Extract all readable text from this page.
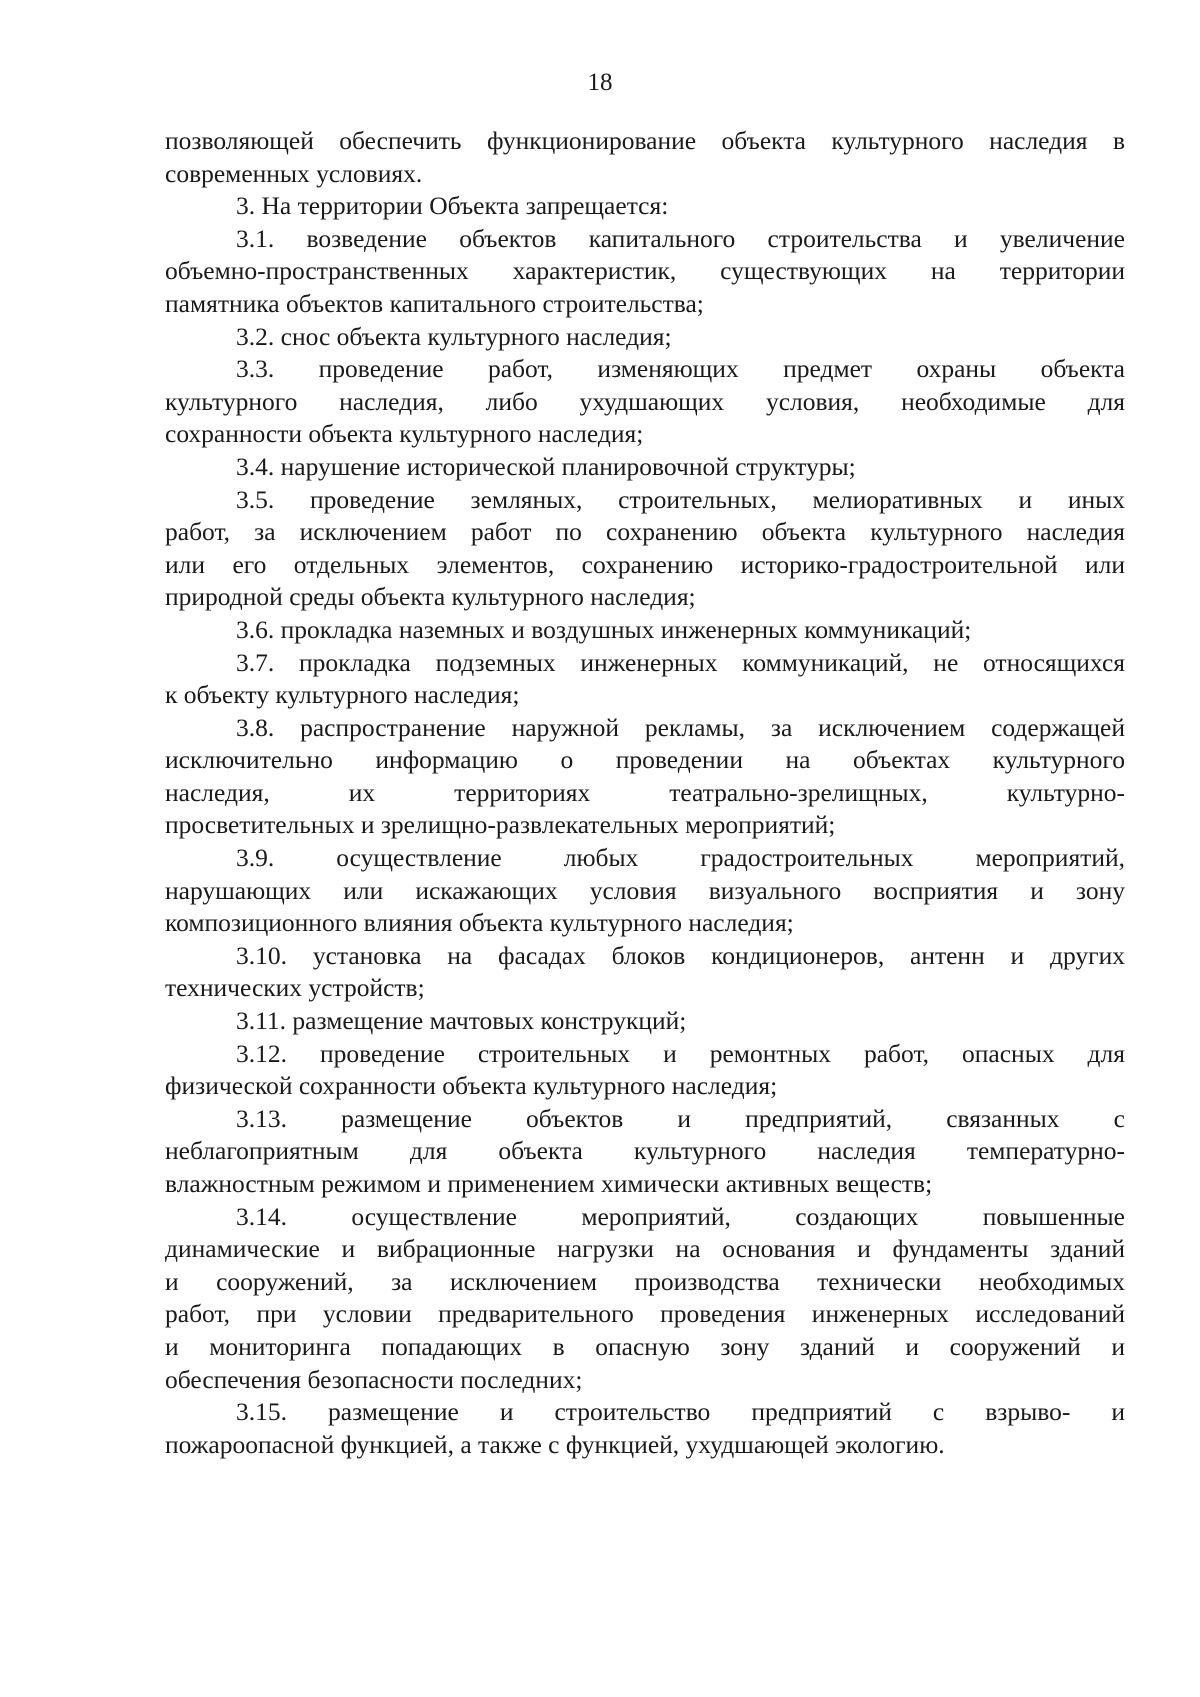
18
позволяющей обеспечить функционирование объекта культурного наследия в
современных условиях.
3. На территории Объекта запрещается:
3.1. возведение объектов капитального строительства и увеличение
объемно-пространственных характеристик, существующих на территории
памятника объектов капитального строительства;
3.2. снос объекта культурного наследия;
3.3. проведение работ, изменяющих предмет охраны объекта
культурного наследия, либо ухудшающих условия, необходимые для
сохранности объекта культурного наследия;
3.4. нарушение исторической планировочной структуры;
3.5. проведение земляных, строительных, мелиоративных и иных
работ, за исключением работ по сохранению объекта культурного наследия
или его отдельных элементов, сохранению историко-градостроительной или
природной среды объекта культурного наследия;
3.6. прокладка наземных и воздушных инженерных коммуникаций;
3.7. прокладка подземных инженерных коммуникаций, не относящихся
к объекту культурного наследия;
3.8. распространение наружной рекламы, за исключением содержащей
исключительно информацию о проведении на объектах культурного
наследия, их территориях театрально-зрелищных, культурно-
просветительных и зрелищно-развлекательных мероприятий;
3.9. осуществление любых градостроительных мероприятий,
нарушающих или искажающих условия визуального восприятия и зону
композиционного влияния объекта культурного наследия;
3.10. установка на фасадах блоков кондиционеров, антенн и других
технических устройств;
3.11. размещение мачтовых конструкций;
3.12. проведение строительных и ремонтных работ, опасных для
физической сохранности объекта культурного наследия;
3.13. размещение объектов и предприятий, связанных с
неблагоприятным для объекта культурного наследия температурно-
влажностным режимом и применением химически активных веществ;
3.14. осуществление мероприятий, создающих повышенные
динамические и вибрационные нагрузки на основания и фундаменты зданий
и сооружений, за исключением производства технически необходимых
работ, при условии предварительного проведения инженерных исследований
и мониторинга попадающих в опасную зону зданий и сооружений и
обеспечения безопасности последних;
3.15. размещение и строительство предприятий с взрыво- и
пожароопасной функцией, а также с функцией, ухудшающей экологию.
